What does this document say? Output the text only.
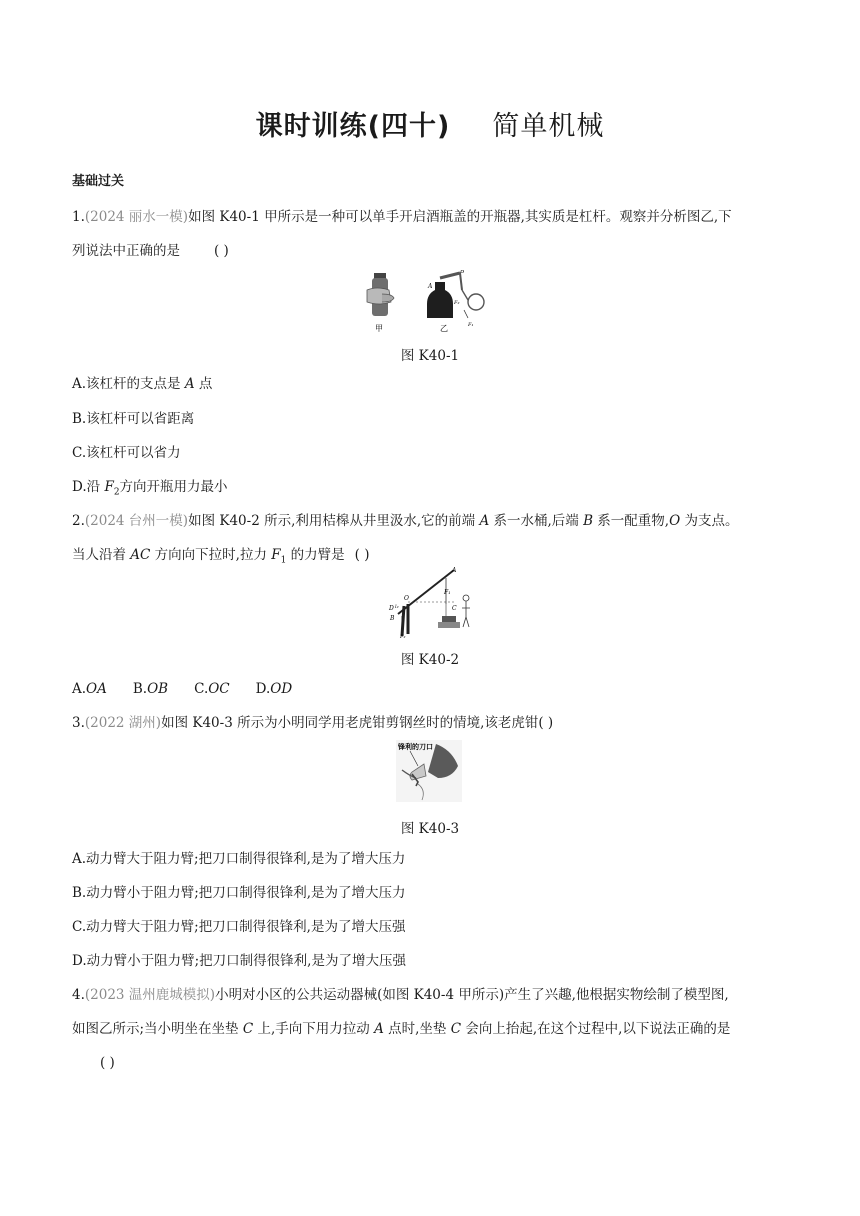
课时训练(四十) 简单机械
基础过关
1.(2024 丽水一模)如图 K40-1 甲所示是一种可以单手开启酒瓶盖的开瓶器,其实质是杠杆。观察并分析图乙,下
列说法中正确的是	( )
甲
A
B
F₂
F₁
乙
图 K40-1
A.该杠杆的支点是 A 点
B.该杠杆可以省距离
C.该杠杆可以省力
D.沿 $F_2$方向开瓶用力最小
2.(2024 台州一模)如图 K40-2 所示,利用桔槔从井里汲水,它的前端 A 系一水桶,后端 B 系一配重物,O 为支点。
当人沿着 AC 方向向下拉时,拉力 $F_1$ 的力臂是 ( )
A
F₁
O
C
D l₂
B
F₂
图 K40-2
A.OA B.OB C.OC D.OD
3.(2022 湖州)如图 K40-3 所示为小明同学用老虎钳剪钢丝时的情境,该老虎钳( )
锋利的刀口
图 K40-3
A.动力臂大于阻力臂;把刀口制得很锋利,是为了增大压力
B.动力臂小于阻力臂;把刀口制得很锋利,是为了增大压力
C.动力臂大于阻力臂;把刀口制得很锋利,是为了增大压强
D.动力臂小于阻力臂;把刀口制得很锋利,是为了增大压强
4.(2023 温州鹿城模拟)小明对小区的公共运动器械(如图 K40-4 甲所示)产生了兴趣,他根据实物绘制了模型图,
如图乙所示;当小明坐在坐垫 C 上,手向下用力拉动 A 点时,坐垫 C 会向上抬起,在这个过程中,以下说法正确的是
( )
